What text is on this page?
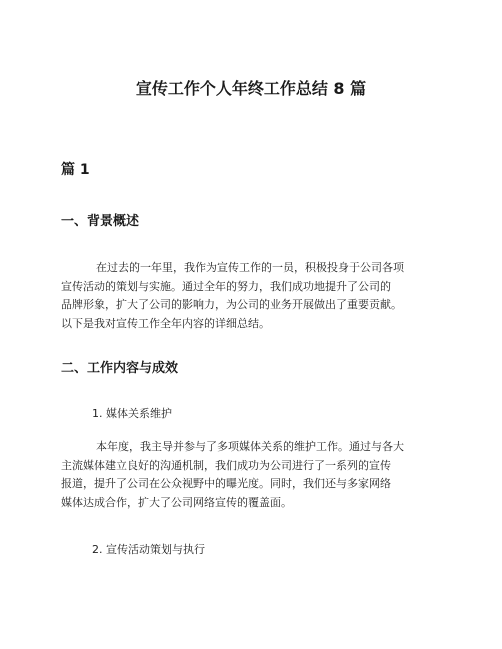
宣传工作个人年终工作总结 8 篇
篇 1
一、背景概述
在过去的一年里，我作为宣传工作的一员，积极投身于公司各项
宣传活动的策划与实施。通过全年的努力，我们成功地提升了公司的
品牌形象，扩大了公司的影响力，为公司的业务开展做出了重要贡献。
以下是我对宣传工作全年内容的详细总结。
二、工作内容与成效
1. 媒体关系维护
本年度，我主导并参与了多项媒体关系的维护工作。通过与各大
主流媒体建立良好的沟通机制，我们成功为公司进行了一系列的宣传
报道，提升了公司在公众视野中的曝光度。同时，我们还与多家网络
媒体达成合作，扩大了公司网络宣传的覆盖面。
2. 宣传活动策划与执行
